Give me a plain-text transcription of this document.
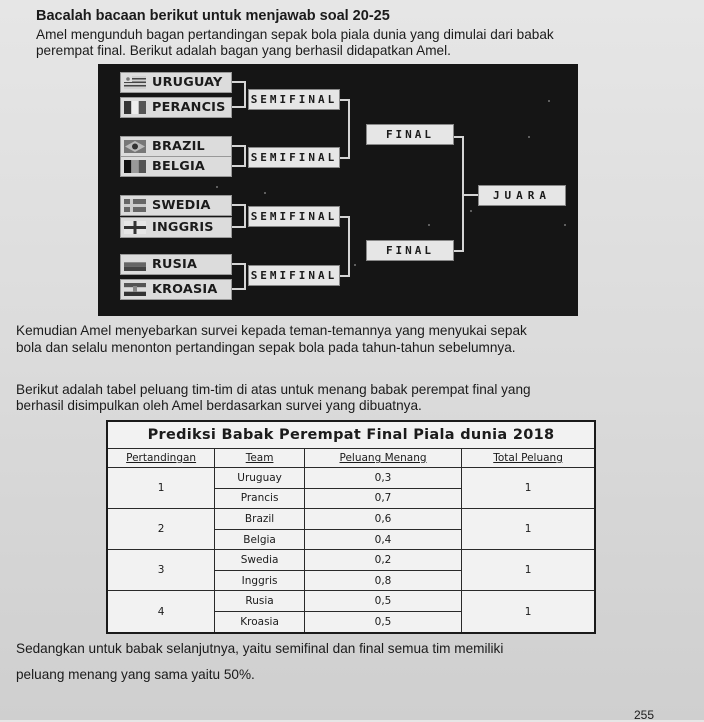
Bacalah bacaan berikut untuk menjawab soal 20-25
Amel mengunduh bagan pertandingan sepak bola piala dunia yang dimulai dari babak
perempat final. Berikut adalah bagan yang berhasil didapatkan Amel.
URUGUAY
PERANCIS
BRAZIL
BELGIA
SWEDIA
INGGRIS
RUSIA
KROASIA
SEMIFINAL
SEMIFINAL
SEMIFINAL
SEMIFINAL
FINAL
FINAL
JUARA
Kemudian Amel menyebarkan survei kepada teman-temannya yang menyukai sepak
bola dan selalu menonton pertandingan sepak bola pada tahun-tahun sebelumnya.
Berikut adalah tabel peluang tim-tim di atas untuk menang babak perempat final yang
berhasil disimpulkan oleh Amel berdasarkan survei yang dibuatnya.
Prediksi Babak Perempat Final Piala dunia 2018			
Pertandingan	Team	Peluang Menang	Total Peluang
1	Uruguay	0,3	1
	Prancis	0,7	
2	Brazil	0,6	1
	Belgia	0,4	
3	Swedia	0,2	1
	Inggris	0,8	
4	Rusia	0,5	1
	Kroasia	0,5	
Sedangkan untuk babak selanjutnya, yaitu semifinal dan final semua tim memiliki
peluang menang yang sama yaitu 50%.
255
